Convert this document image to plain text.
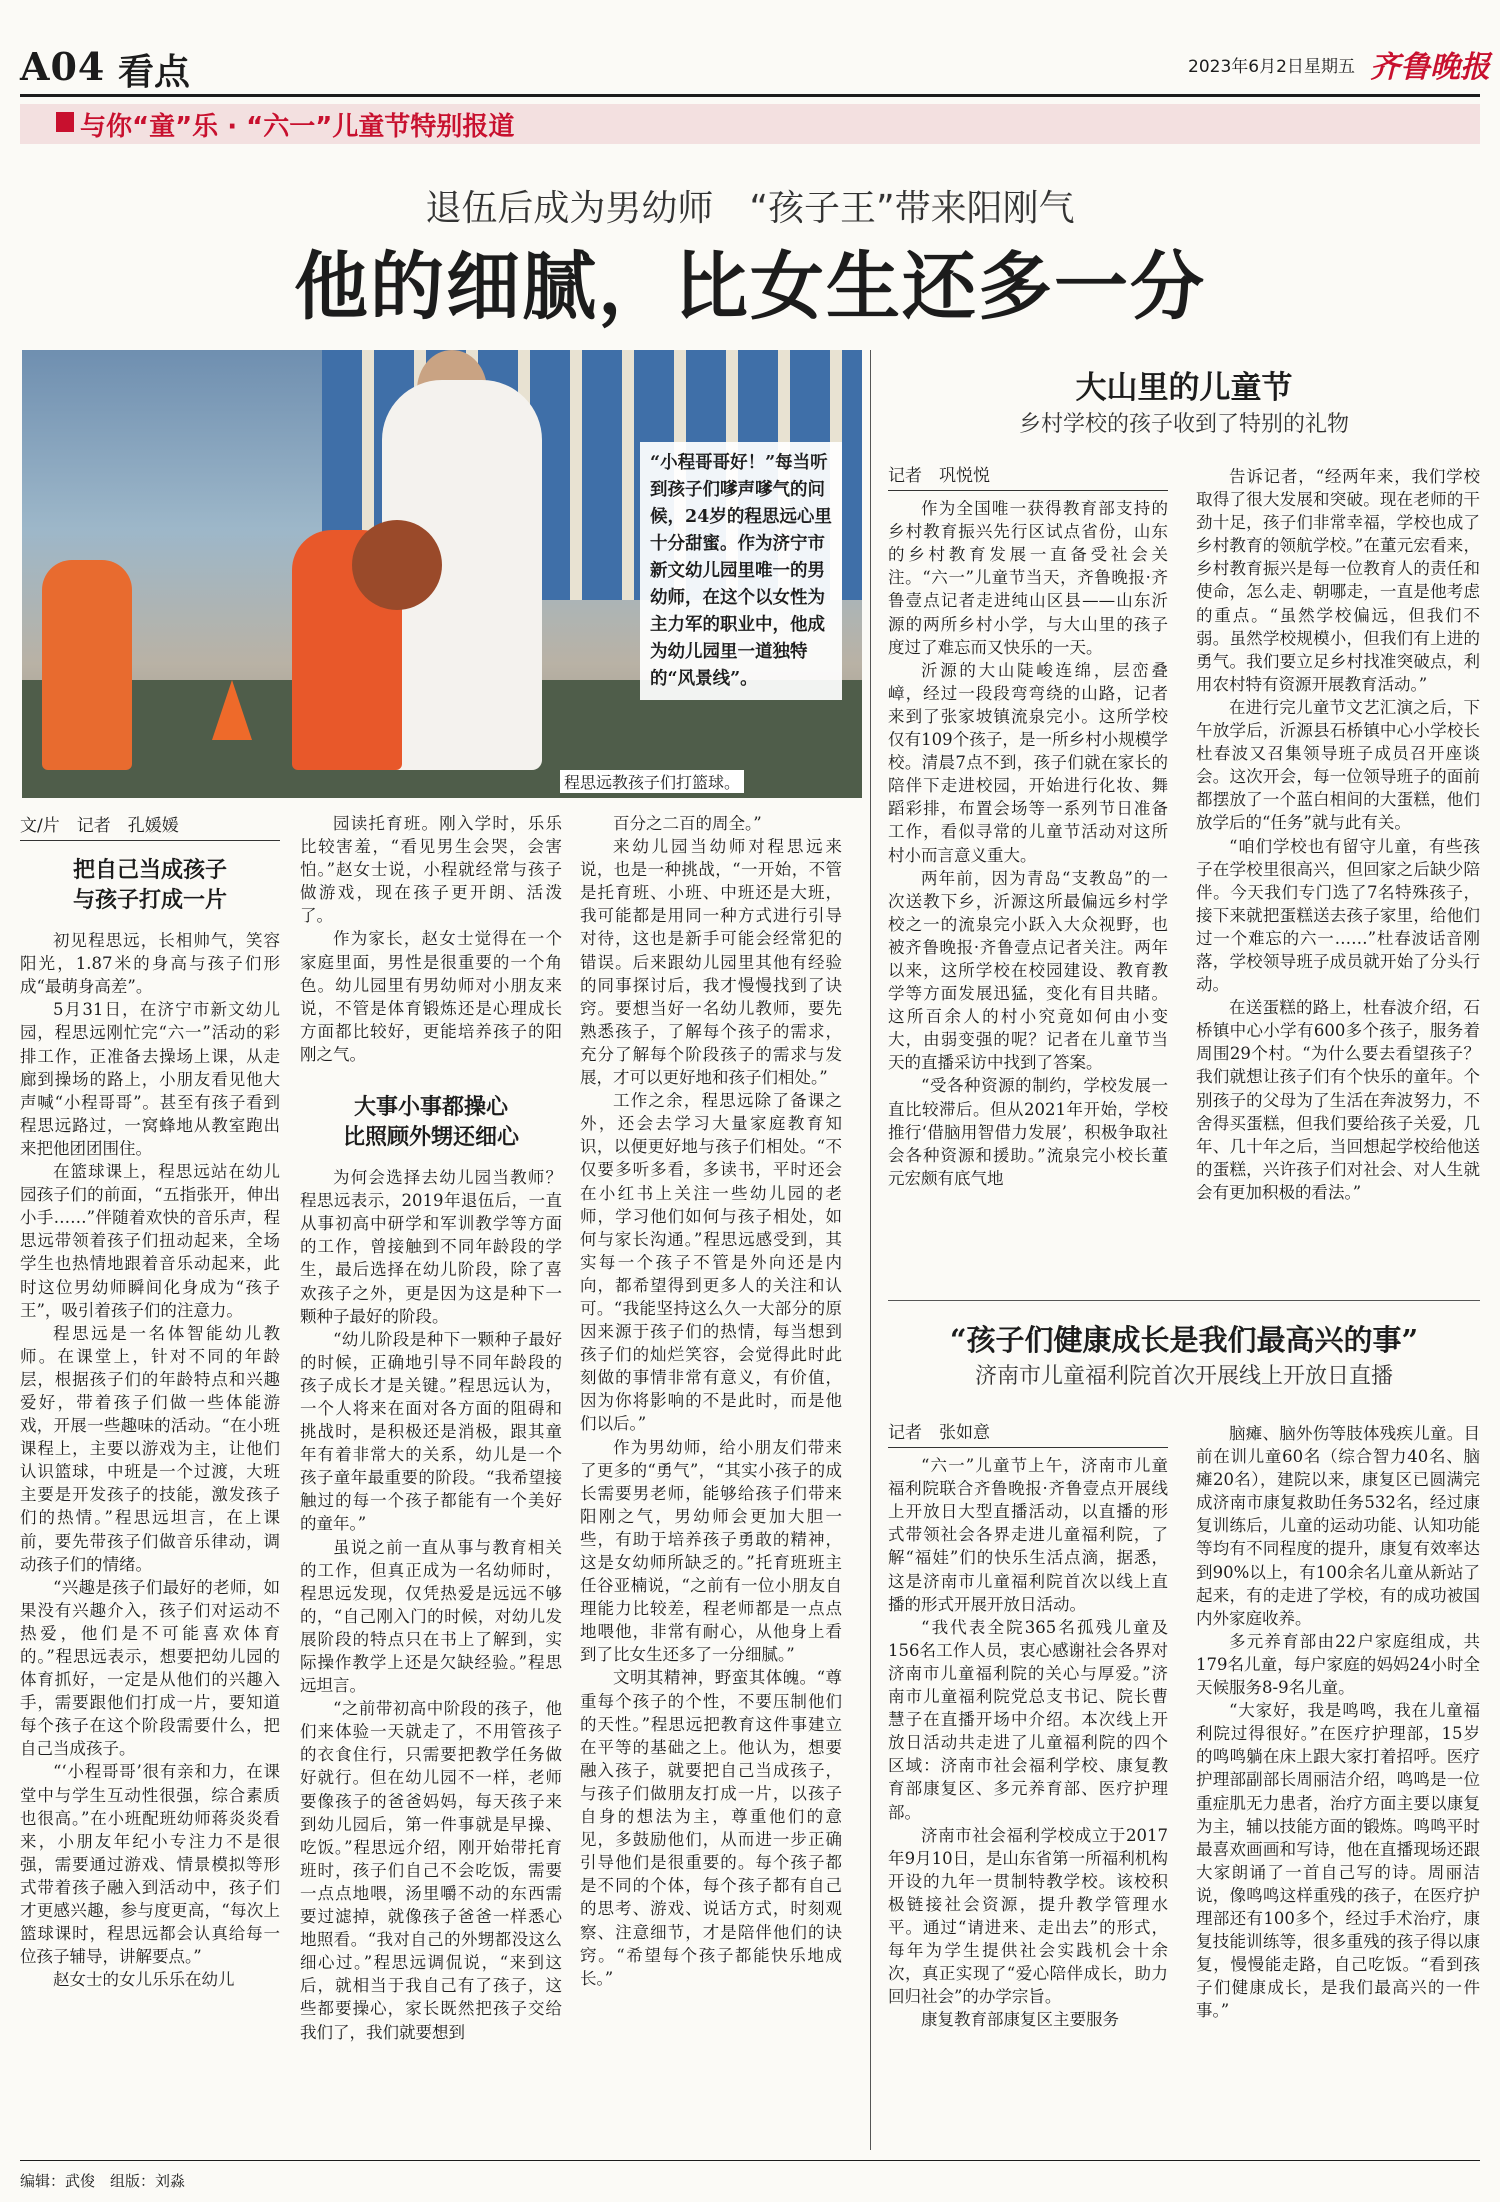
A04 看点	2023年6月2日 星期五 齐鲁晚报
与你“童”乐 · “六一”儿童节特别报道
退伍后成为男幼师　“孩子王”带来阳刚气
他的细腻，比女生还多一分
“小程哥哥好！”每当听到孩子们嗲声嗲气的问候，24岁的程思远心里十分甜蜜。作为济宁市新文幼儿园里唯一的男幼师，在这个以女性为主力军的职业中，他成为幼儿园里一道独特的“风景线”。
程思远教孩子们打篮球。
文/片　记者　孔媛媛
把自己当成孩子
与孩子打成一片

初见程思远，长相帅气，笑容阳光，1.87米的身高与孩子们形成“最萌身高差”。

5月31日，在济宁市新文幼儿园，程思远刚忙完“六一”活动的彩排工作，正准备去操场上课，从走廊到操场的路上，小朋友看见他大声喊“小程哥哥”。甚至有孩子看到程思远路过，一窝蜂地从教室跑出来把他团团围住。

在篮球课上，程思远站在幼儿园孩子们的前面，“五指张开，伸出小手……”伴随着欢快的音乐声，程思远带领着孩子们扭动起来，全场学生也热情地跟着音乐动起来，此时这位男幼师瞬间化身成为“孩子王”，吸引着孩子们的注意力。

程思远是一名体智能幼儿教师。在课堂上，针对不同的年龄层，根据孩子们的年龄特点和兴趣爱好，带着孩子们做一些体能游戏，开展一些趣味的活动。“在小班课程上，主要以游戏为主，让他们认识篮球，中班是一个过渡，大班主要是开发孩子的技能，激发孩子们的热情。”程思远坦言，在上课前，要先带孩子们做音乐律动，调动孩子们的情绪。

“兴趣是孩子们最好的老师，如果没有兴趣介入，孩子们对运动不热爱，他们是不可能喜欢体育的。”程思远表示，想要把幼儿园的体育抓好，一定是从他们的兴趣入手，需要跟他们打成一片，要知道每个孩子在这个阶段需要什么，把自己当成孩子。

“‘小程哥哥’很有亲和力，在课堂中与学生互动性很强，综合素质也很高。”在小班配班幼师蒋炎炎看来，小朋友年纪小专注力不是很强，需要通过游戏、情景模拟等形式带着孩子融入到活动中，孩子们才更感兴趣，参与度更高，“每次上篮球课时，程思远都会认真给每一位孩子辅导，讲解要点。”

赵女士的女儿乐乐在幼儿

园读托育班。刚入学时，乐乐比较害羞，“看见男生会哭，会害怕。”赵女士说，小程就经常与孩子做游戏，现在孩子更开朗、活泼了。

作为家长，赵女士觉得在一个家庭里面，男性是很重要的一个角色。幼儿园里有男幼师对小朋友来说，不管是体育锻炼还是心理成长方面都比较好，更能培养孩子的阳刚之气。

大事小事都操心
比照顾外甥还细心

为何会选择去幼儿园当教师？程思远表示，2019年退伍后，一直从事初高中研学和军训教学等方面的工作，曾接触到不同年龄段的学生，最后选择在幼儿阶段，除了喜欢孩子之外，更是因为这是种下一颗种子最好的阶段。

“幼儿阶段是种下一颗种子最好的时候，正确地引导不同年龄段的孩子成长才是关键。”程思远认为，一个人将来在面对各方面的阻碍和挑战时，是积极还是消极，跟其童年有着非常大的关系，幼儿是一个孩子童年最重要的阶段。“我希望接触过的每一个孩子都能有一个美好的童年。”

虽说之前一直从事与教育相关的工作，但真正成为一名幼师时，程思远发现，仅凭热爱是远远不够的，“自己刚入门的时候，对幼儿发展阶段的特点只在书上了解到，实际操作教学上还是欠缺经验。”程思远坦言。

“之前带初高中阶段的孩子，他们来体验一天就走了，不用管孩子的衣食住行，只需要把教学任务做好就行。但在幼儿园不一样，老师要像孩子的爸爸妈妈，每天孩子来到幼儿园后，第一件事就是早操、吃饭。”程思远介绍，刚开始带托育班时，孩子们自己不会吃饭，需要一点点地喂，汤里嚼不动的东西需要过滤掉，就像孩子爸爸一样悉心地照看。“我对自己的外甥都没这么细心过。”程思远调侃说，“来到这后，就相当于我自己有了孩子，这些都要操心，家长既然把孩子交给我们了，我们就要想到

百分之二百的周全。”

来幼儿园当幼师对程思远来说，也是一种挑战，“一开始，不管是托育班、小班、中班还是大班，我可能都是用同一种方式进行引导对待，这也是新手可能会经常犯的错误。后来跟幼儿园里其他有经验的同事探讨后，我才慢慢找到了诀窍。要想当好一名幼儿教师，要先熟悉孩子，了解每个孩子的需求，充分了解每个阶段孩子的需求与发展，才可以更好地和孩子们相处。”

工作之余，程思远除了备课之外，还会去学习大量家庭教育知识，以便更好地与孩子们相处。“不仅要多听多看，多读书，平时还会在小红书上关注一些幼儿园的老师，学习他们如何与孩子相处，如何与家长沟通。”程思远感受到，其实每一个孩子不管是外向还是内向，都希望得到更多人的关注和认可。“我能坚持这么久一大部分的原因来源于孩子们的热情，每当想到孩子们的灿烂笑容，会觉得此时此刻做的事情非常有意义，有价值，因为你将影响的不是此时，而是他们以后。”

作为男幼师，给小朋友们带来了更多的“勇气”，“其实小孩子的成长需要男老师，能够给孩子们带来阳刚之气，男幼师会更加大胆一些，有助于培养孩子勇敢的精神，这是女幼师所缺乏的。”托育班班主任谷亚楠说，“之前有一位小朋友自理能力比较差，程老师都是一点点地喂他，非常有耐心，从他身上看到了比女生还多了一分细腻。”

文明其精神，野蛮其体魄。“尊重每个孩子的个性，不要压制他们的天性。”程思远把教育这件事建立在平等的基础之上。他认为，想要融入孩子，就要把自己当成孩子，与孩子们做朋友打成一片，以孩子自身的想法为主，尊重他们的意见，多鼓励他们，从而进一步正确引导他们是很重要的。每个孩子都是不同的个体，每个孩子都有自己的思考、游戏、说话方式，时刻观察、注意细节，才是陪伴他们的诀窍。“希望每个孩子都能快乐地成长。”

大山里的儿童节
乡村学校的孩子收到了特别的礼物
记者　巩悦悦

作为全国唯一获得教育部支持的乡村教育振兴先行区试点省份，山东的乡村教育发展一直备受社会关注。“六一”儿童节当天，齐鲁晚报·齐鲁壹点记者走进纯山区县——山东沂源的两所乡村小学，与大山里的孩子度过了难忘而又快乐的一天。

沂源的大山陡峻连绵，层峦叠嶂，经过一段段弯弯绕的山路，记者来到了张家坡镇流泉完小。这所学校仅有109个孩子，是一所乡村小规模学校。清晨7点不到，孩子们就在家长的陪伴下走进校园，开始进行化妆、舞蹈彩排，布置会场等一系列节日准备工作，看似寻常的儿童节活动对这所村小而言意义重大。

两年前，因为青岛“支教岛”的一次送教下乡，沂源这所最偏远乡村学校之一的流泉完小跃入大众视野，也被齐鲁晚报·齐鲁壹点记者关注。两年以来，这所学校在校园建设、教育教学等方面发展迅猛，变化有目共睹。这所百余人的村小究竟如何由小变大，由弱变强的呢？记者在儿童节当天的直播采访中找到了答案。

“受各种资源的制约，学校发展一直比较滞后。但从2021年开始，学校推行‘借脑用智借力发展’，积极争取社会各种资源和援助。”流泉完小校长董元宏颇有底气地

告诉记者，“经两年来，我们学校取得了很大发展和突破。现在老师的干劲十足，孩子们非常幸福，学校也成了乡村教育的领航学校。”在董元宏看来，乡村教育振兴是每一位教育人的责任和使命，怎么走、朝哪走，一直是他考虑的重点。“虽然学校偏远，但我们不弱。虽然学校规模小，但我们有上进的勇气。我们要立足乡村找准突破点，利用农村特有资源开展教育活动。”

在进行完儿童节文艺汇演之后，下午放学后，沂源县石桥镇中心小学校长杜春波又召集领导班子成员召开座谈会。这次开会，每一位领导班子的面前都摆放了一个蓝白相间的大蛋糕，他们放学后的“任务”就与此有关。

“咱们学校也有留守儿童，有些孩子在学校里很高兴，但回家之后缺少陪伴。今天我们专门选了7名特殊孩子，接下来就把蛋糕送去孩子家里，给他们过一个难忘的六一……”杜春波话音刚落，学校领导班子成员就开始了分头行动。

在送蛋糕的路上，杜春波介绍，石桥镇中心小学有600多个孩子，服务着周围29个村。“为什么要去看望孩子？我们就想让孩子们有个快乐的童年。个别孩子的父母为了生活在奔波努力，不舍得买蛋糕，但我们要给孩子关爱，几年、几十年之后，当回想起学校给他送的蛋糕，兴许孩子们对社会、对人生就会有更加积极的看法。”

“孩子们健康成长是我们最高兴的事”
济南市儿童福利院首次开展线上开放日直播
记者　张如意

“六一”儿童节上午，济南市儿童福利院联合齐鲁晚报·齐鲁壹点开展线上开放日大型直播活动，以直播的形式带领社会各界走进儿童福利院，了解“福娃”们的快乐生活点滴，据悉，这是济南市儿童福利院首次以线上直播的形式开展开放日活动。

“我代表全院365名孤残儿童及156名工作人员，衷心感谢社会各界对济南市儿童福利院的关心与厚爱。”济南市儿童福利院党总支书记、院长曹慧子在直播开场中介绍。本次线上开放日活动共走进了儿童福利院的四个区域：济南市社会福利学校、康复教育部康复区、多元养育部、医疗护理部。

济南市社会福利学校成立于2017年9月10日，是山东省第一所福利机构开设的九年一贯制特教学校。该校积极链接社会资源，提升教学管理水平。通过“请进来、走出去”的形式，每年为学生提供社会实践机会十余次，真正实现了“爱心陪伴成长，助力回归社会”的办学宗旨。

康复教育部康复区主要服务

脑瘫、脑外伤等肢体残疾儿童。目前在训儿童60名（综合智力40名、脑瘫20名），建院以来，康复区已圆满完成济南市康复救助任务532名，经过康复训练后，儿童的运动功能、认知功能等均有不同程度的提升，康复有效率达到90%以上，有100余名儿童从新站了起来，有的走进了学校，有的成功被国内外家庭收养。

多元养育部由22户家庭组成，共179名儿童，每户家庭的妈妈24小时全天候服务8-9名儿童。

“大家好，我是鸣鸣，我在儿童福利院过得很好。”在医疗护理部，15岁的鸣鸣躺在床上跟大家打着招呼。医疗护理部副部长周丽洁介绍，鸣鸣是一位重症肌无力患者，治疗方面主要以康复为主，辅以技能方面的锻炼。鸣鸣平时最喜欢画画和写诗，他在直播现场还跟大家朗诵了一首自己写的诗。周丽洁说，像鸣鸣这样重残的孩子，在医疗护理部还有100多个，经过手术治疗，康复技能训练等，很多重残的孩子得以康复，慢慢能走路，自己吃饭。“看到孩子们健康成长，是我们最高兴的一件事。”

编辑：武俊　组版：刘淼
